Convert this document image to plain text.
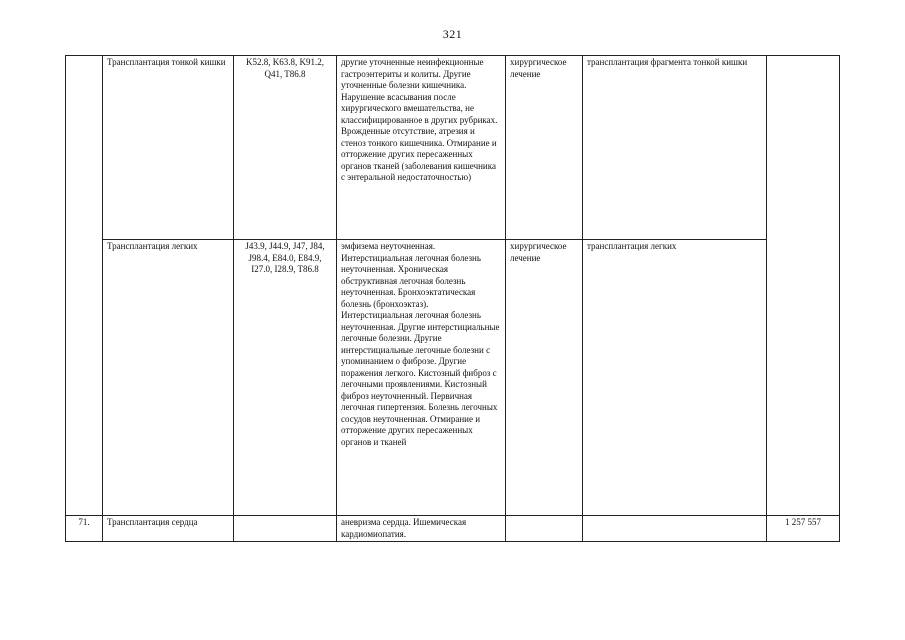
321
	Трансплантация тонкой кишки	K52.8, K63.8, K91.2, Q41, T86.8	другие уточненные неинфекционные гастроэнтериты и колиты. Другие уточненные болезни кишечника. Нарушение всасывания после хирургического вмешательства, не классифицированное в других рубриках. Врожденные отсутствие, атрезия и стеноз тонкого кишечника. Отмирание и отторжение других пересаженных органов тканей (заболевания кишечника с энтеральной недостаточностью)	хирургическое лечение	трансплантация фрагмента тонкой кишки	
	Трансплантация легких	J43.9, J44.9, J47, J84, J98.4, E84.0, E84.9, I27.0, I28.9, T86.8	эмфизема неуточненная. Интерстициальная легочная болезнь неуточненная. Хроническая обструктивная легочная болезнь неуточненная. Бронхоэктатическая болезнь (бронхоэктаз). Интерстициальная легочная болезнь неуточненная. Другие интерстициальные легочные болезни. Другие интерстициальные легочные болезни с упоминанием о фиброзе. Другие поражения легкого. Кистозный фиброз с легочными проявлениями. Кистозный фиброз неуточненный. Первичная легочная гипертензия. Болезнь легочных сосудов неуточненная. Отмирание и отторжение других пересаженных органов и тканей	хирургическое лечение	трансплантация легких	
71.	Трансплантация сердца		аневризма сердца. Ишемическая кардиомиопатия.			1 257 557
